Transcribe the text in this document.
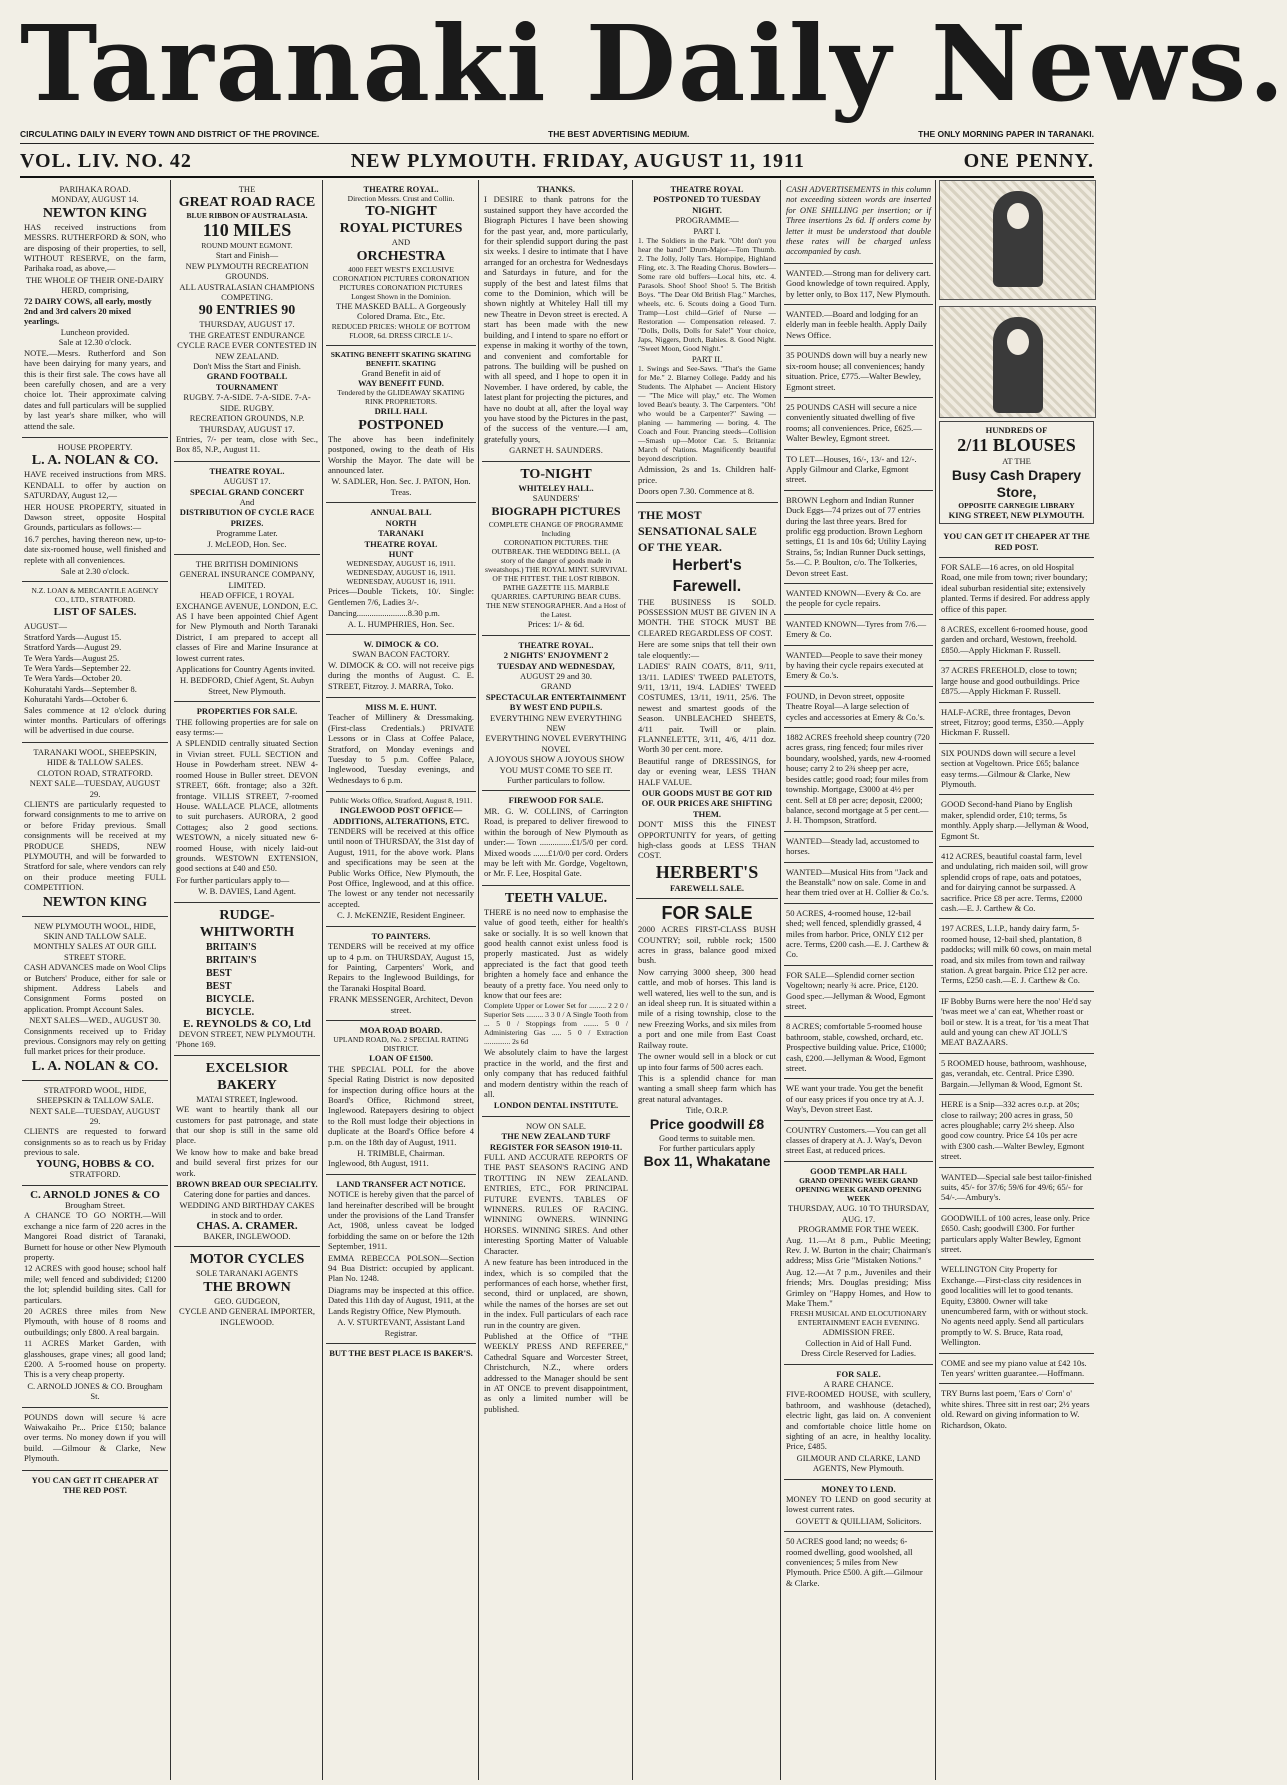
Taranaki Daily News.
CIRCULATING DAILY IN EVERY TOWN AND DISTRICT OF THE PROVINCE.	THE BEST ADVERTISING MEDIUM.	THE ONLY MORNING PAPER IN TARANAKI.
VOL. LIV. NO. 42	NEW PLYMOUTH. FRIDAY, AUGUST 11, 1911	ONE PENNY.
PARIHAKA ROAD.
MONDAY, AUGUST 14.
NEWTON KING

HAS received instructions from MESSRS. RUTHERFORD & SON, who are disposing of their properties, to sell, WITHOUT RESERVE, on the farm, Parihaka road, as above,—

THE WHOLE OF THEIR ONE-DAIRY HERD, comprising,
72 DAIRY COWS, all early, mostly 2nd and 3rd calvers 20 mixed yearlings.
Luncheon provided.
Sale at 12.30 o'clock.

NOTE.—Mesrs. Rutherford and Son have been dairying for many years, and this is their first sale. The cows have all been carefully chosen, and are a very choice lot. Their approximate calving dates and full particulars will be supplied by last year's share milker, who will attend the sale.

HOUSE PROPERTY.
L. A. NOLAN & CO.

HAVE received instructions from MRS. KENDALL to offer by auction on SATURDAY, August 12,—

HER HOUSE PROPERTY, situated in Dawson street, opposite Hospital Grounds, particulars as follows:—

16.7 perches, having thereon new, up-to-date six-roomed house, well finished and replete with all conveniences.

Sale at 2.30 o'clock.
N.Z. LOAN & MERCANTILE AGENCY CO., LTD., STRATFORD.
LIST OF SALES.
AUGUST—
Stratford Yards—August 15.
Stratford Yards—August 29.
Te Wera Yards—August 25.
Te Wera Yards—September 22.
Te Wera Yards—October 20.
Kohuratahi Yards—September 8.
Kohuratahi Yards—October 6.

Sales commence at 12 o'clock during winter months. Particulars of offerings will be advertised in due course.

TARANAKI WOOL, SHEEPSKIN, HIDE & TALLOW SALES.
CLOTON ROAD, STRATFORD.
NEXT SALE—TUESDAY, AUGUST 29.

CLIENTS are particularly requested to forward consignments to me to arrive on or before Friday previous. Small consignments will be received at my PRODUCE SHEDS, NEW PLYMOUTH, and will be forwarded to Stratford for sale, where vendors can rely on their produce meeting FULL COMPETITION.

NEWTON KING
NEW PLYMOUTH WOOL, HIDE, SKIN AND TALLOW SALE.
MONTHLY SALES AT OUR GILL STREET STORE.

CASH ADVANCES made on Wool Clips or Butchers' Produce, either for sale or shipment. Address Labels and Consignment Forms posted on application. Prompt Account Sales.

NEXT SALES—WED., AUGUST 30.

Consignments received up to Friday previous. Consignors may rely on getting full market prices for their produce.

L. A. NOLAN & CO.
STRATFORD WOOL, HIDE, SHEEPSKIN & TALLOW SALE.
NEXT SALE—TUESDAY, AUGUST 29.

CLIENTS are requested to forward consignments so as to reach us by Friday previous to sale.

YOUNG, HOBBS & CO.
STRATFORD.
C. ARNOLD JONES & CO
Brougham Street.

A CHANCE TO GO NORTH.—Will exchange a nice farm of 220 acres in the Mangorei Road district of Taranaki, Burnett for house or other New Plymouth property.

12 ACRES with good house; school half mile; well fenced and subdivided; £1200 the lot; splendid building sites. Call for particulars.

20 ACRES three miles from New Plymouth, with house of 8 rooms and outbuildings; only £800. A real bargain.

11 ACRES Market Garden, with glasshouses, grape vines; all good land; £200. A 5-roomed house on property. This is a very cheap property.

C. ARNOLD JONES & CO. Brougham St.

POUNDS down will secure ¼ acre Waiwakaiho Pr... Price £150; balance over terms. No money down if you will build. —Gilmour & Clarke, New Plymouth.

YOU CAN GET IT CHEAPER AT THE RED POST.
THE
GREAT ROAD RACE
BLUE RIBBON OF AUSTRALASIA.
110 MILES
ROUND MOUNT EGMONT.
Start and Finish—
NEW PLYMOUTH RECREATION GROUNDS.
ALL AUSTRALASIAN CHAMPIONS COMPETING.
90 ENTRIES 90
THURSDAY, AUGUST 17.
THE GREATEST ENDURANCE CYCLE RACE EVER CONTESTED IN NEW ZEALAND.
Don't Miss the Start and Finish.
GRAND FOOTBALL TOURNAMENT
RUGBY. 7-A-SIDE. 7-A-SIDE. 7-A-SIDE. RUGBY.
RECREATION GROUNDS, N.P.
THURSDAY, AUGUST 17.

Entries, 7/- per team, close with Sec., Box 85, N.P., August 11.

THEATRE ROYAL.
AUGUST 17.
SPECIAL GRAND CONCERT
And
DISTRIBUTION OF CYCLE RACE PRIZES.
Programme Later.
J. McLEOD, Hon. Sec.
THE BRITISH DOMINIONS GENERAL INSURANCE COMPANY, LIMITED.
HEAD OFFICE, 1 ROYAL EXCHANGE AVENUE, LONDON, E.C.

AS I have been appointed Chief Agent for New Plymouth and North Taranaki District, I am prepared to accept all classes of Fire and Marine Insurance at lowest current rates.

Applications for Country Agents invited.

H. BEDFORD, Chief Agent, St. Aubyn Street, New Plymouth.
PROPERTIES FOR SALE.

THE following properties are for sale on easy terms:—

A SPLENDID centrally situated Section in Vivian street. FULL SECTION and House in Powderham street. NEW 4-roomed House in Buller street. DEVON STREET, 66ft. frontage; also a 32ft. frontage. VILLIS STREET, 7-roomed House. WALLACE PLACE, allotments to suit purchasers. AURORA, 2 good Cottages; also 2 good sections. WESTOWN, a nicely situated new 6-roomed House, with nicely laid-out grounds. WESTOWN EXTENSION, good sections at £40 and £50.

For further particulars apply to—

W. B. DAVIES, Land Agent.
RUDGE-WHITWORTH
BRITAIN'S
BRITAIN'S
BEST
BEST
BICYCLE.
BICYCLE.
E. REYNOLDS & CO, Ltd
DEVON STREET, NEW PLYMOUTH.
'Phone 169.
EXCELSIOR BAKERY
MATAI STREET, Inglewood.

WE want to heartily thank all our customers for past patronage, and state that our shop is still in the same old place.

We know how to make and bake bread and build several first prizes for our work.

BROWN BREAD OUR SPECIALITY.
Catering done for parties and dances.
WEDDING AND BIRTHDAY CAKES in stock and to order.
CHAS. A. CRAMER.
BAKER, INGLEWOOD.
MOTOR CYCLES
SOLE TARANAKI AGENTS
THE BROWN
GEO. GUDGEON,
CYCLE AND GENERAL IMPORTER, INGLEWOOD.
THEATRE ROYAL.
Direction Messrs. Crust and Collin.
TO-NIGHT
ROYAL PICTURES
AND
ORCHESTRA
4000 FEET WEST'S EXCLUSIVE CORONATION PICTURES CORONATION PICTURES CORONATION PICTURES
Longest Shown in the Dominion.
THE MASKED BALL. A Gorgeously Colored Drama. Etc., Etc.
REDUCED PRICES: WHOLE OF BOTTOM FLOOR, 6d. DRESS CIRCLE 1/-.
SKATING BENEFIT SKATING SKATING BENEFIT. SKATING
Grand Benefit in aid of
WAY BENEFIT FUND.
Tendered by the GLIDEAWAY SKATING RINK PROPRIETORS.
DRILL HALL
POSTPONED

The above has been indefinitely postponed, owing to the death of His Worship the Mayor. The date will be announced later.

W. SADLER, Hon. Sec. J. PATON, Hon. Treas.
ANNUAL BALL
NORTH
TARANAKI
THEATRE ROYAL
HUNT
WEDNESDAY, AUGUST 16, 1911. WEDNESDAY, AUGUST 16, 1911. WEDNESDAY, AUGUST 16, 1911.

Prices—Double Tickets, 10/. Single: Gentlemen 7/6, Ladies 3/-.

Dancing........................8.30 p.m.
A. L. HUMPHRIES, Hon. Sec.
W. DIMOCK & CO.
SWAN BACON FACTORY.

W. DIMOCK & CO. will not receive pigs during the months of August. C. E. STREET, Fitzroy. J. MARRA, Toko.

MISS M. E. HUNT.

Teacher of Millinery & Dressmaking. (First-class Credentials.) PRIVATE Lessons or in Class at Coffee Palace, Stratford, on Monday evenings and Tuesday to 5 p.m. Coffee Palace, Inglewood, Tuesday evenings, and Wednesdays to 6 p.m.

Public Works Office, Stratford, August 8, 1911.
INGLEWOOD POST OFFICE—ADDITIONS, ALTERATIONS, ETC.

TENDERS will be received at this office until noon of THURSDAY, the 31st day of August, 1911, for the above work. Plans and specifications may be seen at the Public Works Office, New Plymouth, the Post Office, Inglewood, and at this office. The lowest or any tender not necessarily accepted.

C. J. McKENZIE, Resident Engineer.
TO PAINTERS.

TENDERS will be received at my office up to 4 p.m. on THURSDAY, August 15, for Painting, Carpenters' Work, and Repairs to the Inglewood Buildings, for the Taranaki Hospital Board.

FRANK MESSENGER, Architect, Devon street.
MOA ROAD BOARD.
UPLAND ROAD, No. 2 SPECIAL RATING DISTRICT.
LOAN OF £1500.

THE SPECIAL POLL for the above Special Rating District is now deposited for inspection during office hours at the Board's Office, Richmond street, Inglewood. Ratepayers desiring to object to the Roll must lodge their objections in duplicate at the Board's Office before 4 p.m. on the 18th day of August, 1911.

H. TRIMBLE, Chairman.
Inglewood, 8th August, 1911.
LAND TRANSFER ACT NOTICE.

NOTICE is hereby given that the parcel of land hereinafter described will be brought under the provisions of the Land Transfer Act, 1908, unless caveat be lodged forbidding the same on or before the 12th September, 1911.

EMMA REBECCA POLSON—Section 94 Bua District: occupied by applicant. Plan No. 1248.

Diagrams may be inspected at this office. Dated this 11th day of August, 1911, at the Lands Registry Office, New Plymouth.

A. V. STURTEVANT, Assistant Land Registrar.
BUT THE BEST PLACE IS BAKER'S.
THANKS.

I DESIRE to thank patrons for the sustained support they have accorded the Biograph Pictures I have been showing for the past year, and, more particularly, for their splendid support during the past six weeks. I desire to intimate that I have arranged for an orchestra for Wednesdays and Saturdays in future, and for the supply of the best and latest films that come to the Dominion, which will be shown nightly at Whiteley Hall till my new Theatre in Devon street is erected. A start has been made with the new building, and I intend to spare no effort or expense in making it worthy of the town, and convenient and comfortable for patrons. The building will be pushed on with all speed, and I hope to open it in November. I have ordered, by cable, the latest plant for projecting the pictures, and have no doubt at all, after the loyal way you have stood by the Pictures in the past, of the success of the venture.—I am, gratefully yours,

GARNET H. SAUNDERS.
TO-NIGHT
WHITELEY HALL.
SAUNDERS'
BIOGRAPH PICTURES
COMPLETE CHANGE OF PROGRAMME Including
CORONATION PICTURES. THE OUTBREAK. THE WEDDING BELL. (A story of the danger of goods made in sweatshops.) THE ROYAL MINT. SURVIVAL OF THE FITTEST. THE LOST RIBBON. PATHE GAZETTE 115. MARBLE QUARRIES. CAPTURING BEAR CUBS. THE NEW STENOGRAPHER. And a Host of the Latest.
Prices: 1/- & 6d.
THEATRE ROYAL.
2 NIGHTS' ENJOYMENT 2 TUESDAY AND WEDNESDAY,
AUGUST 29 and 30.
GRAND
SPECTACULAR ENTERTAINMENT BY WEST END PUPILS.
EVERYTHING NEW EVERYTHING NEW
EVERYTHING NOVEL EVERYTHING NOVEL
A JOYOUS SHOW A JOYOUS SHOW
YOU MUST COME TO SEE IT.
Further particulars to follow.
FIREWOOD FOR SALE.

MR. G. W. COLLINS, of Carrington Road, is prepared to deliver firewood to within the borough of New Plymouth as under:— Town ...............£1/5/0 per cord. Mixed woods .......£1/0/0 per cord. Orders may be left with Mr. Gordge, Vogeltown, or Mr. F. Lee, Hospital Gate.

TEETH VALUE.

THERE is no need now to emphasise the value of good teeth, either for health's sake or socially. It is so well known that good health cannot exist unless food is properly masticated. Just as widely appreciated is the fact that good teeth brighten a homely face and enhance the beauty of a pretty face. You need only to know that our fees are:

Complete Upper or Lower Set for ......... 2 2 0 / Superior Sets ......... 3 3 0 / A Single Tooth from ... 5 0 / Stoppings from ........ 5 0 / Administering Gas ..... 5 0 / Extraction .............. 2s 6d

We absolutely claim to have the largest practice in the world, and the first and only company that has reduced faithful and modern dentistry within the reach of all.

LONDON DENTAL INSTITUTE.
NOW ON SALE.
THE NEW ZEALAND TURF REGISTER FOR SEASON 1910-11.

FULL AND ACCURATE REPORTS OF THE PAST SEASON'S RACING AND TROTTING IN NEW ZEALAND. ENTRIES, ETC., FOR PRINCIPAL FUTURE EVENTS. TABLES OF WINNERS. RULES OF RACING. WINNING OWNERS. WINNING HORSES. WINNING SIRES. And other interesting Sporting Matter of Valuable Character.

A new feature has been introduced in the index, which is so compiled that the performances of each horse, whether first, second, third or unplaced, are shown, while the names of the horses are set out in the index. Full particulars of each race run in the country are given.

Published at the Office of "THE WEEKLY PRESS AND REFEREE," Cathedral Square and Worcester Street, Christchurch, N.Z., where orders addressed to the Manager should be sent in AT ONCE to prevent disappointment, as only a limited number will be published.

THEATRE ROYAL
POSTPONED TO TUESDAY NIGHT.
PROGRAMME—
PART I.

1. The Soldiers in the Park. "Oh! don't you hear the band!" Drum-Major—Tom Thumb. 2. The Jolly, Jolly Tars. Hornpipe, Highland Fling, etc. 3. The Reading Chorus. Bowlers—Some rare old buffers—Local hits, etc. 4. Parasols. Shoo! Shoo! Shoo! 5. The British Boys. "The Dear Old British Flag." Marches, wheels, etc. 6. Scouts doing a Good Turn. Tramp—Lost child—Grief of Nurse — Restoration — Compensation released. 7. "Dolls, Dolls, Dolls for Sale!" Your choice, Japs, Niggers, Dutch, Babies. 8. Good Night. "Sweet Moon, Good Night."

PART II.

1. Swings and See-Saws. "That's the Game for Me." 2. Blarney College. Paddy and his Students. The Alphabet — Ancient History — "The Mice will play," etc. The Women loved Beau's beauty. 3. The Carpenters. "Oh! who would be a Carpenter?" Sawing — planing — hammering — boring. 4. The Coach and Four. Prancing steeds—Collision—Smash up—Motor Car. 5. Britannia: March of Nations. Magnificently beautiful beyond description.

Admission, 2s and 1s. Children half-price.

Doors open 7.30. Commence at 8.
THE MOST SENSATIONAL SALE OF THE YEAR.
Herbert's Farewell.

THE BUSINESS IS SOLD. POSSESSION MUST BE GIVEN IN A MONTH. THE STOCK MUST BE CLEARED REGARDLESS OF COST.

Here are some snips that tell their own tale eloquently:—

LADIES' RAIN COATS, 8/11, 9/11, 13/11. LADIES' TWEED PALETOTS, 9/11, 13/11, 19/4. LADIES' TWEED COSTUMES, 13/11, 19/11, 25/6. The newest and smartest goods of the Season. UNBLEACHED SHEETS, 4/11 pair. Twill or plain. FLANNELETTE, 3/11, 4/6, 4/11 doz. Worth 30 per cent. more.

Beautiful range of DRESSINGS, for day or evening wear, LESS THAN HALF VALUE.

OUR GOODS MUST BE GOT RID OF. OUR PRICES ARE SHIFTING THEM.

DON'T MISS this the FINEST OPPORTUNITY for years, of getting high-class goods at LESS THAN COST.

HERBERT'S
FAREWELL SALE.
FOR SALE

2000 ACRES FIRST-CLASS BUSH COUNTRY; soil, rubble rock; 1500 acres in grass, balance good mixed bush.

Now carrying 3000 sheep, 300 head cattle, and mob of horses. This land is well watered, lies well to the sun, and is an ideal sheep run. It is situated within a mile of a rising township, close to the new Freezing Works, and six miles from a port and one mile from East Coast Railway route.

The owner would sell in a block or cut up into four farms of 500 acres each.

This is a splendid chance for man wanting a small sheep farm which has great natural advantages.

Title, O.R.P.
Price goodwill £8
Good terms to suitable men.
For further particulars apply
Box 11, Whakatane

CASH ADVERTISEMENTS in this column not exceeding sixteen words are inserted for ONE SHILLING per insertion; or if Three insertions 2s 6d. If orders come by letter it must be understood that double these rates will be charged unless accompanied by cash.

WANTED.—Strong man for delivery cart. Good knowledge of town required. Apply, by letter only, to Box 117, New Plymouth.
WANTED.—Board and lodging for an elderly man in feeble health. Apply Daily News Office.
35 POUNDS down will buy a nearly new six-room house; all conveniences; handy situation. Price, £775.—Walter Bewley, Egmont street.
25 POUNDS CASH will secure a nice conveniently situated dwelling of five rooms; all conveniences. Price, £625.—Walter Bewley, Egmont street.
TO LET—Houses, 16/-, 13/- and 12/-. Apply Gilmour and Clarke, Egmont street.
BROWN Leghorn and Indian Runner Duck Eggs—74 prizes out of 77 entries during the last three years. Bred for prolific egg production. Brown Leghorn settings, £1 1s and 10s 6d; Utility Laying Strains, 5s; Indian Runner Duck settings, 5s.—C. P. Boulton, c/o. The Tolkeries, Devon street East.
WANTED KNOWN—Every & Co. are the people for cycle repairs.
WANTED KNOWN—Tyres from 7/6.—Emery & Co.
WANTED—People to save their money by having their cycle repairs executed at Emery & Co.'s.
FOUND, in Devon street, opposite Theatre Royal—A large selection of cycles and accessories at Emery & Co.'s.
1882 ACRES freehold sheep country (720 acres grass, ring fenced; four miles river boundary, woolshed, yards, new 4-roomed house; carry 2 to 2¾ sheep per acre, besides cattle; good road; four miles from township. Mortgage, £3000 at 4½ per cent. Sell at £8 per acre; deposit, £2000; balance, second mortgage at 5 per cent.—J. H. Thompson, Stratford.
WANTED—Steady lad, accustomed to horses.
WANTED—Musical Hits from "Jack and the Beanstalk" now on sale. Come in and hear them tried over at H. Collier & Co.'s.
50 ACRES, 4-roomed house, 12-bail shed; well fenced, splendidly grassed, 4 miles from harbor. Price, ONLY £12 per acre. Terms, £200 cash.—E. J. Carthew & Co.
FOR SALE—Splendid corner section Vogeltown; nearly ¾ acre. Price, £120. Good spec.—Jellyman & Wood, Egmont street.
8 ACRES; comfortable 5-roomed house bathroom, stable, cowshed, orchard, etc. Prospective building value. Price, £1000; cash, £200.—Jellyman & Wood, Egmont street.
WE want your trade. You get the benefit of our easy prices if you once try at A. J. Way's, Devon street East.
COUNTRY Customers.—You can get all classes of drapery at A. J. Way's, Devon street East, at reduced prices.
GOOD TEMPLAR HALL
GRAND OPENING WEEK GRAND OPENING WEEK GRAND OPENING WEEK
THURSDAY, AUG. 10 TO THURSDAY, AUG. 17.
PROGRAMME FOR THE WEEK.

Aug. 11.—At 8 p.m., Public Meeting; Rev. J. W. Burton in the chair; Chairman's address; Miss Grie "Mistaken Notions."

Aug. 12.—At 7 p.m., Juveniles and their friends; Mrs. Douglas presiding; Miss Grimley on "Happy Homes, and How to Make Them."

FRESH MUSICAL AND ELOCUTIONARY ENTERTAINMENT EACH EVENING.
ADMISSION FREE.
Collection in Aid of Hall Fund.
Dress Circle Reserved for Ladies.
FOR SALE.
A RARE CHANCE.

FIVE-ROOMED HOUSE, with scullery, bathroom, and washhouse (detached), electric light, gas laid on. A convenient and comfortable choice little home on sighting of an acre, in healthy locality. Price, £485.

GILMOUR AND CLARKE, LAND AGENTS, New Plymouth.
MONEY TO LEND.

MONEY TO LEND on good security at lowest current rates.

GOVETT & QUILLIAM, Solicitors.
50 ACRES good land; no weeds; 6-roomed dwelling, good woolshed, all conveniences; 5 miles from New Plymouth. Price £500. A gift.—Gilmour & Clarke.
HUNDREDS OF
2/11 BLOUSES
AT THE
Busy Cash Drapery Store,
OPPOSITE CARNEGIE LIBRARY
KING STREET, NEW PLYMOUTH.
YOU CAN GET IT CHEAPER AT THE RED POST.
FOR SALE—16 acres, on old Hospital Road, one mile from town; river boundary; ideal suburban residential site; extensively planted. Terms if desired. For address apply office of this paper.
8 ACRES, excellent 6-roomed house, good garden and orchard, Westown, freehold. £850.—Apply Hickman F. Russell.
37 ACRES FREEHOLD, close to town; large house and good outbuildings. Price £875.—Apply Hickman F. Russell.
HALF-ACRE, three frontages, Devon street, Fitzroy; good terms, £350.—Apply Hickman F. Russell.
SIX POUNDS down will secure a level section at Vogeltown. Price £65; balance easy terms.—Gilmour & Clarke, New Plymouth.
GOOD Second-hand Piano by English maker, splendid order, £10; terms, 5s monthly. Apply sharp.—Jellyman & Wood, Egmont St.
412 ACRES, beautiful coastal farm, level and undulating, rich maiden soil, will grow splendid crops of rape, oats and potatoes, and for dairying cannot be surpassed. A sacrifice. Price £8 per acre. Terms, £2000 cash.—E. J. Carthew & Co.
197 ACRES, L.I.P., handy dairy farm, 5-roomed house, 12-bail shed, plantation, 8 paddocks; will milk 60 cows, on main metal road, and six miles from town and railway station. A great bargain. Price £12 per acre. Terms, £250 cash.—E. J. Carthew & Co.
IF Bobby Burns were here the noo' He'd say 'twas meet we a' can eat, Whether roast or boil or stew. It is a treat, for 'tis a meat That auld and young can chew AT JOLL'S MEAT BAZAARS.
5 ROOMED house, bathroom, washhouse, gas, verandah, etc. Central. Price £390. Bargain.—Jellyman & Wood, Egmont St.
HERE is a Snip—332 acres o.r.p. at 20s; close to railway; 200 acres in grass, 50 acres ploughable; carry 2½ sheep. Also good cow country. Price £4 10s per acre with £300 cash.—Walter Bewley, Egmont street.
WANTED—Special sale best tailor-finished suits, 45/- for 37/6; 59/6 for 49/6; 65/- for 54/-.—Ambury's.
GOODWILL of 100 acres, lease only. Price £650. Cash; goodwill £300. For further particulars apply Walter Bewley, Egmont street.
WELLINGTON City Property for Exchange.—First-class city residences in good localities will let to good tenants. Equity, £3800. Owner will take unencumbered farm, with or without stock. No agents need apply. Send all particulars promptly to W. S. Bruce, Rata road, Wellington.
COME and see my piano value at £42 10s. Ten years' written guarantee.—Hoffmann.
TRY Burns last poem, 'Ears o' Corn' o' white shires. Three sitt in rest oar; 2½ years old. Reward on giving information to W. Richardson, Okato.
